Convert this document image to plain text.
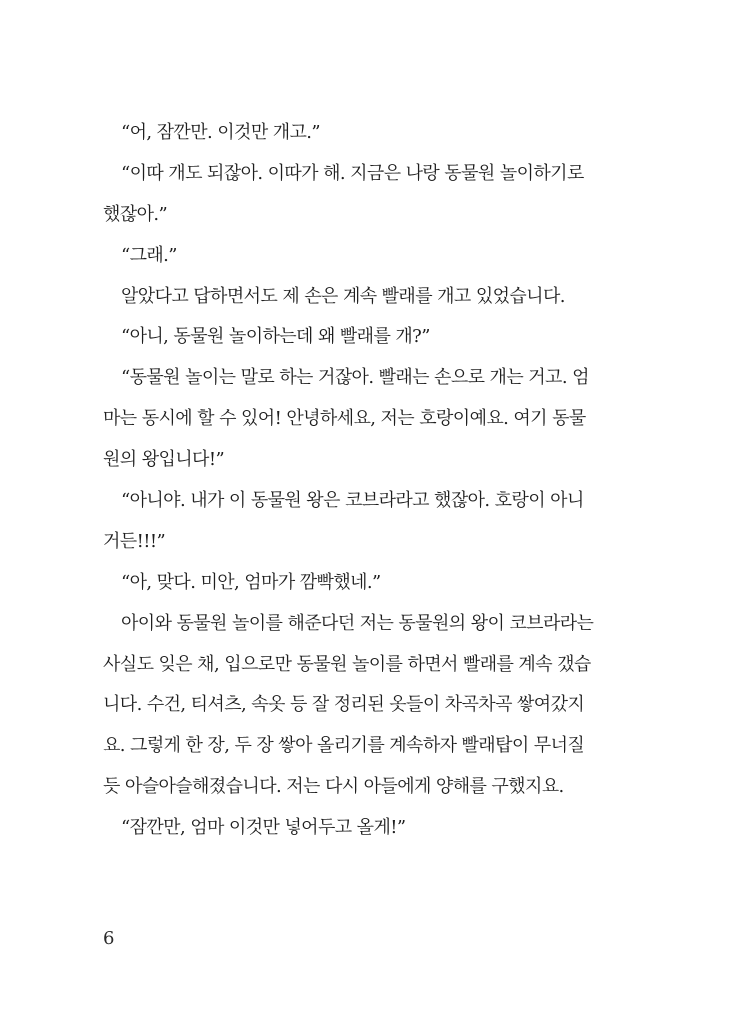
“어, 잠깐만. 이것만 개고.”
“이따 개도 되잖아. 이따가 해. 지금은 나랑 동물원 놀이하기로
했잖아.”
“그래.”
알았다고 답하면서도 제 손은 계속 빨래를 개고 있었습니다.
“아니, 동물원 놀이하는데 왜 빨래를 개?”
“동물원 놀이는 말로 하는 거잖아. 빨래는 손으로 개는 거고. 엄
마는 동시에 할 수 있어! 안녕하세요, 저는 호랑이예요. 여기 동물
원의 왕입니다!”
“아니야. 내가 이 동물원 왕은 코브라라고 했잖아. 호랑이 아니
거든!!!”
“아, 맞다. 미안, 엄마가 깜빡했네.”
아이와 동물원 놀이를 해준다던 저는 동물원의 왕이 코브라라는
사실도 잊은 채, 입으로만 동물원 놀이를 하면서 빨래를 계속 갰습
니다. 수건, 티셔츠, 속옷 등 잘 정리된 옷들이 차곡차곡 쌓여갔지
요. 그렇게 한 장, 두 장 쌓아 올리기를 계속하자 빨래탑이 무너질
듯 아슬아슬해졌습니다. 저는 다시 아들에게 양해를 구했지요.
“잠깐만, 엄마 이것만 넣어두고 올게!”
6
